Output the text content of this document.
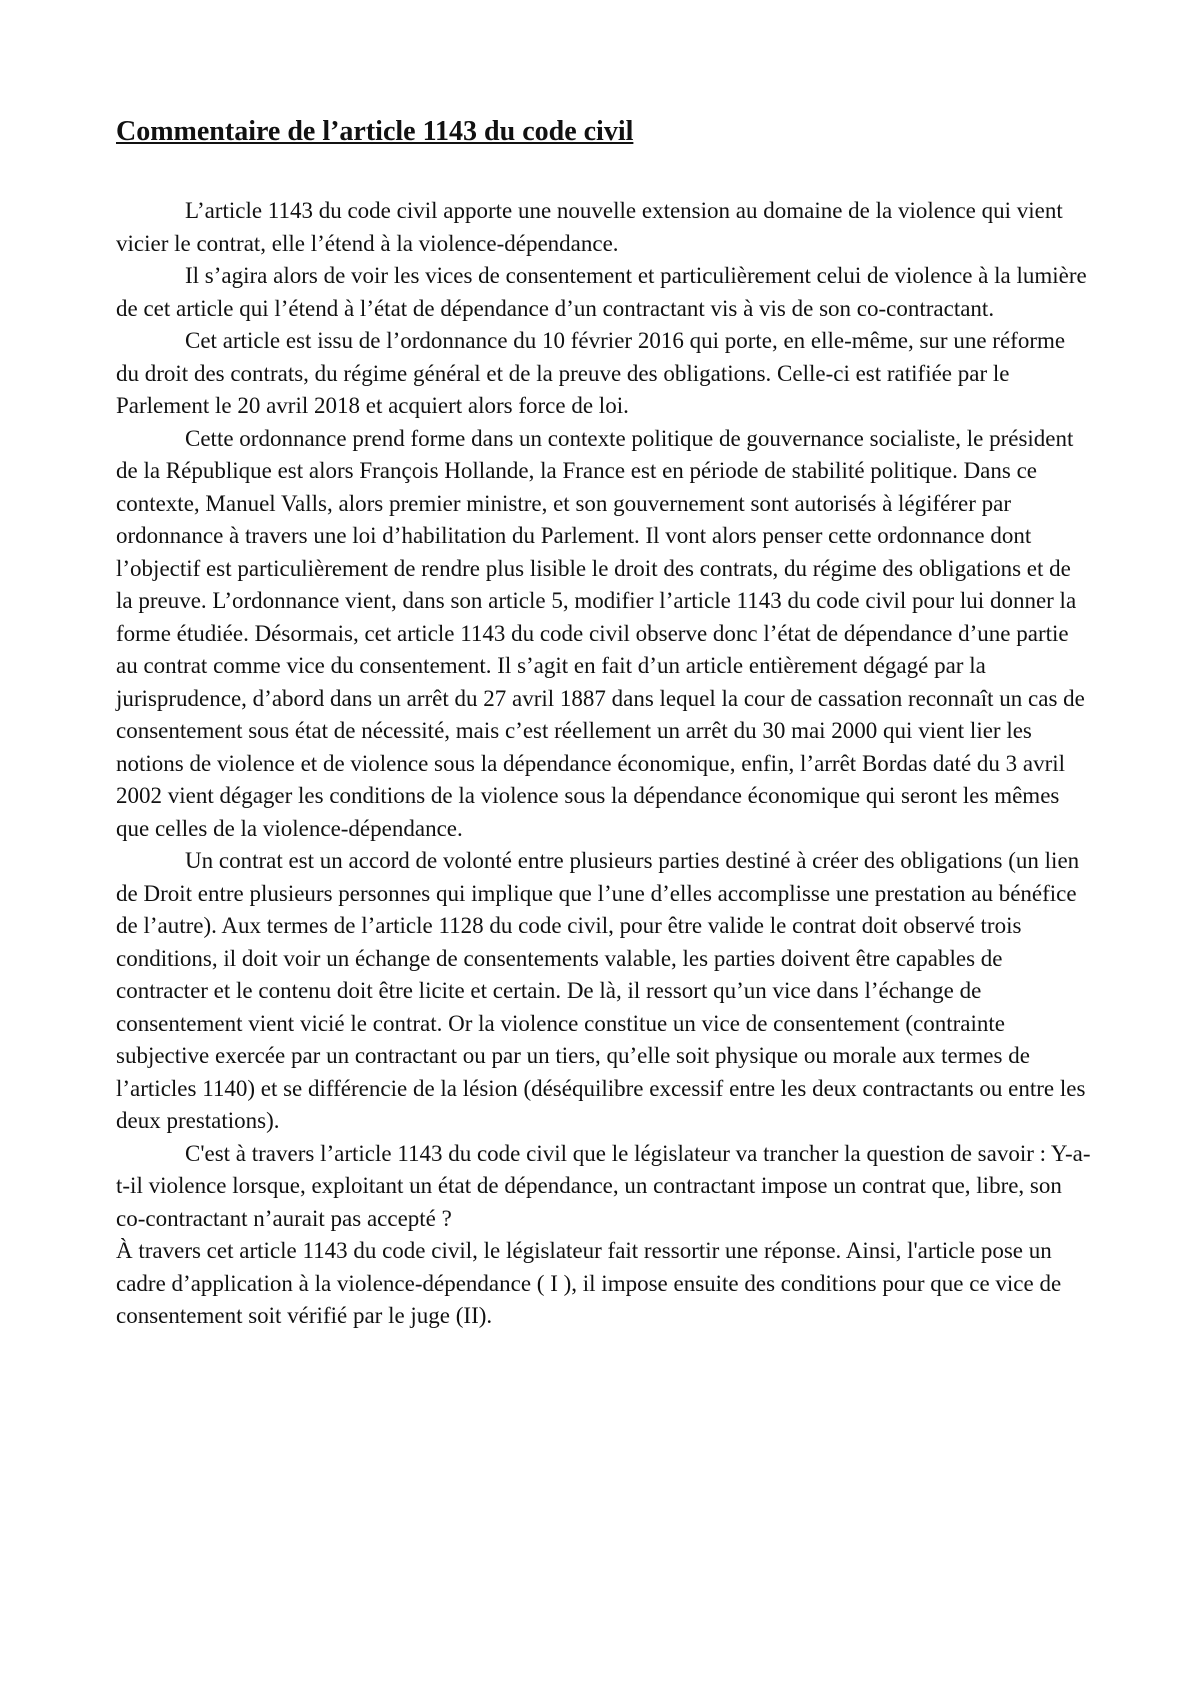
Commentaire de l’article 1143 du code civil

L’article 1143 du code civil apporte une nouvelle extension au domaine de la violence qui vient vicier le contrat, elle l’étend à la violence-dépendance.

Il s’agira alors de voir les vices de consentement et particulièrement celui de violence à la lumière de cet article qui l’étend à l’état de dépendance d’un contractant vis à vis de son co-contractant.

Cet article est issu de l’ordonnance du 10 février 2016 qui porte, en elle-même, sur une réforme du droit des contrats, du régime général et de la preuve des obligations. Celle-ci est ratifiée par le Parlement le 20 avril 2018 et acquiert alors force de loi.

Cette ordonnance prend forme dans un contexte politique de gouvernance socialiste, le président de la République est alors François Hollande, la France est en période de stabilité politique. Dans ce contexte, Manuel Valls, alors premier ministre, et son gouvernement sont autorisés à légiférer par ordonnance à travers une loi d’habilitation du Parlement. Il vont alors penser cette ordonnance dont l’objectif est particulièrement de rendre plus lisible le droit des contrats, du régime des obligations et de la preuve. L’ordonnance vient, dans son article 5, modifier l’article 1143 du code civil pour lui donner la forme étudiée. Désormais, cet article 1143 du code civil observe donc l’état de dépendance d’une partie au contrat comme vice du consentement. Il s’agit en fait d’un article entièrement dégagé par la jurisprudence, d’abord dans un arrêt du 27 avril 1887 dans lequel la cour de cassation reconnaît un cas de consentement sous état de nécessité, mais c’est réellement un arrêt du 30 mai 2000 qui vient lier les notions de violence et de violence sous la dépendance économique, enfin, l’arrêt Bordas daté du 3 avril 2002 vient dégager les conditions de la violence sous la dépendance économique qui seront les mêmes que celles de la violence-dépendance.

Un contrat est un accord de volonté entre plusieurs parties destiné à créer des obligations (un lien de Droit entre plusieurs personnes qui implique que l’une d’elles accomplisse une prestation au bénéfice de l’autre). Aux termes de l’article 1128 du code civil, pour être valide le contrat doit observé trois conditions, il doit voir un échange de consentements valable, les parties doivent être capables de contracter et le contenu doit être licite et certain. De là, il ressort qu’un vice dans l’échange de consentement vient vicié le contrat. Or la violence constitue un vice de consentement (contrainte subjective exercée par un contractant ou par un tiers, qu’elle soit physique ou morale aux termes de l’articles 1140) et se différencie de la lésion (déséquilibre excessif entre les deux contractants ou entre les deux prestations).

C'est à travers l’article 1143 du code civil que le législateur va trancher la question de savoir : Y-a-t-il violence lorsque, exploitant un état de dépendance, un contractant impose un contrat que, libre, son co-contractant n’aurait pas accepté ?

À travers cet article 1143 du code civil, le législateur fait ressortir une réponse. Ainsi, l'article pose un cadre d’application à la violence-dépendance ( I ), il impose ensuite des conditions pour que ce vice de consentement soit vérifié par le juge (II).
